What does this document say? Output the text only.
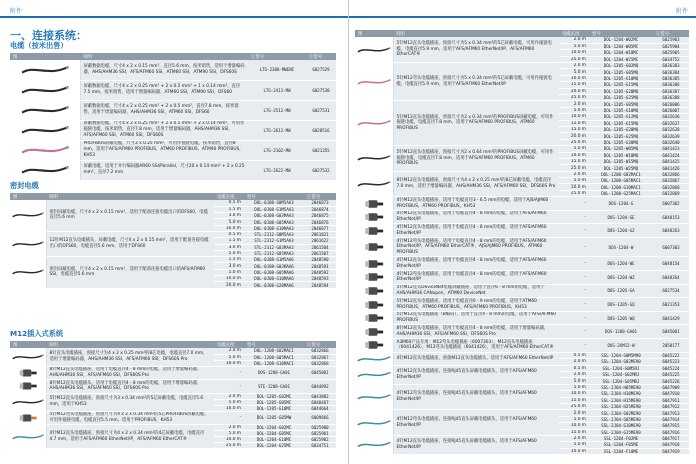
附件
一、连接系统：
电缆（按米出售）
图	说明	订货号	订货号

	屏蔽数据电缆，尺寸4 x 2 x 0.15 mm²，直径5.6 mm，按米销售，适用于增量编码器，AHS/AHM36 SSI，AFS/AFM60 SSI，ATM60 SSI，ATM90 SSI，DFS60S	LTG-2308-MWENC	6027529

	屏蔽数据电缆，尺寸4 x 2 x 0.25 mm² + 2 x 0.5 mm² + 1 x 0.14 mm²，直径7.5 mm，按米销售，适用于增量编码器，ATM60 SSI，ATM90 SSI，DFS60	LTG-2411-MW	6027530

	屏蔽数据电缆，尺寸4 x 2 x 0.25 mm² + 2 x 0.5 mm²，直径7.8 mm，按米销售，适用于增量编码器，AHS/AHM36 SSI，ATM60 SSI，DFS60	LTG-2512-MW	6027531

	屏蔽数据电缆，尺寸4 x 2 x 0.25 mm² + 2 x 0.5 mm² + 2 x 0.14 mm²，可用作拖链电缆，按米销售，直径7.8 mm，适用于增量编码器，AHS/AHM36 SSI，AFS/AFM60 SSI，ATM60 SSI，DFS60S	LTG-2612-MW	6028516

	PROFIBUS屏蔽电缆，尺寸2 x 0.25 mm²，可用作拖链电缆，按米销售，直径8 mm，适用于AFS/AFM60 PROFIBUS，ATM60 PROFIBUS，ATM90 PROFIBUS，KH53	LTG-2102-MW	6021355

	屏蔽电缆，适用于并行编码器AR60 SSI/Parallel，尺寸20 x 0.14 mm² + 2 x 0.25 mm²，直径7.2 mm	LTG-2622-MW	6027532
密封电缆
图	说明	电缆长度	型号	订货号

	密封屏蔽电缆，尺寸4 x 2 x 0.15 mm²，适用于配备连接电缆出口的DFS60，电缆直径5.6 mm	0.5 m	DOL-0J08-G0M5AA3	2046873
		1.5 m	DOL-0J08-G1M5AA3	2046874
		3.0 m	DOL-0J08-G03MAA3	2046875
		5.0 m	DOL-0J08-G05MAA3	2046876
		10.0 m	DOL-0J08-G10MAA3	2046877

	12针M12直头电缆插头，屏蔽电缆，尺寸4 x 2 x 0.15 mm²，适用于配备连接电缆出口的DFS60，电缆直径5.6 mm，适用于DFS60	0.5 m	STL-2312-G0M5AA3	2061821
		1.5 m	STL-2312-G1M5AA3	2061622
		3.0 m	STL-2312-G03MAA3	2061504
		5.0 m	STL-2312-G05MAA3	2061507

	密封屏蔽电缆，尺寸4 x 2 x 0.15 mm²，适用于配备连接电缆出口的AFS/AFM60 SSI，电缆直径5.6 mm	1.5 m	DOL-0J08-G1M5AA6	2048590
		3.0 m	DOL-0J08-G03MAA6	2048591
		5.0 m	DOL-0J08-G05MAA6	2048592
		10.0 m	DOL-0J08-G10MAA6	2048593
		20.0 m	DOL-0J08-G20MAA6	2048594
M12插入式系统
图	说明	电缆长度	型号	订货号

	8针直头电缆插座，预接尺寸为4 x 2 x 0.25 mm²的8芯电缆，电缆直径7.0 mm，适用于增量编码器，AHS/AHM36 SSI，AFS/AFM60 SSI，DFS60S Pro	2.0 m	DOL-1208-G02MAC1	6032866
		5.0 m	DOL-1208-G05MAC1	6032867
		10.0 m	DOL-1208-G10MAC1	6032868

	8针M12直头电缆插座，适用于电缆直径4 - 8 mm的电缆，适用于增量编码器，AHS/AHM36 SSI，AFS/AFM60 SSI，DFS60S Pro	-	DOS-1208-GA01	6045001

	8针M12直头电缆插头，适用于电缆直径4 - 8 mm的电缆，适用于增量编码器，AHS/AHM36 SSI，AFS/AFM60 SSI，DFS60S Pro	-	STE-1208-GA01	6044892

	5针M12直头电缆插座，预接尺寸为3 x 0.34 mm²的5芯屏蔽电缆，电缆直径5.6 mm，适用于KH53	2.0 m	DOL-1205-G02MC	6043882
		5.0 m	DOL-1205-G05MC	6040467
		10.0 m	DOL-1205-G10MC	6044664

	5针M12弯头电缆插座，预接尺寸为4 x 2 x 0.34 mm²的5芯PROFIBUS屏蔽电缆，可用作拖链电缆，电缆直径5.5 mm，适用于PROFIBUS，KH53	-	DOL-1205-G05MW	6009866

	4针M12直头电缆插座，预接尺寸为4 x 2 x 0.34 mm²的4芯屏蔽电缆，电缆直径4.7 mm，适用于AFS/AFM60 EtherNet/IP，AFS/AFM60 EtherCAT®	2.0 m	DOL-1204-G02MC	6025900
		5.0 m	DOL-1204-G05MC	6025901
		10.0 m	DOL-1204-G10MC	6025902
		25.0 m	DOL-1204-G25MC	6034751
附件
图	说明	电缆长度	型号	订货号

	5针M12直头电缆插座，预接尺寸为5 x 0.34 mm²的5芯屏蔽电缆，可用作拖链电缆，电缆直径5.9 mm，适用于AFS/AFM60 EtherNet/IP，AFS/AFM60 EtherCAT®	2.0 m	DOL-1204-W02MC	6025903
		5.0 m	DOL-1204-W05MC	6025904
		10.0 m	DOL-1204-W10MC	6025905
		25.0 m	DOL-1204-W25MC	6034752

	5针M12弯头电缆插座，预接尺寸为5 x 0.34 mm²的5芯屏蔽电缆，可用作拖链电缆，电缆直径5.9 mm，适用于AFS/AFM60 EtherNet/IP	2.0 m	DOL-1205-G02MQ	6036383
		5.0 m	DOL-1205-G05MQ	6036384
		10.0 m	DOL-1205-G10MQ	6036385
		15.0 m	DOL-1205-G15MQ	6036386
		20.0 m	DOL-1205-G20MQ	6036387
		25.0 m	DOL-1205-G25MQ	6036388

	5针M12直头电缆插座，预接尺寸为2 x 0.34 mm²的PROFIBUS屏蔽电缆，可用作拖链电缆，电缆直径7.8 mm，适用于AFS/AFM60 PROFIBUS，ATM60 PROFIBUS	2.0 m	DOL-1205-G05MQ	6026006
		5.0 m	DOL-1205-G10MQ	6026007
		10.0 m	DOL-1205-G12MQ	6032636
		12.0 m	DOL-1205-G15MQ	6032637
		15.0 m	DOL-1205-G20MQ	6032638
		20.0 m	DOL-1205-G25MQ	6032639
		25.0 m	DOL-1205-G30MQ	6032640

	5针M12直头电缆插座，预接尺寸为2 x 0.64 mm²的PROFIBUS屏蔽电缆，可用作拖链电缆，电缆直径7.8 mm，适用于AFS/AFM60 PROFIBUS，ATM60 PROFIBUS	5.0 m	DOL-1205-W05MQ	6041423
		10.0 m	DOL-1205-W10MQ	6041424
		15.0 m	DOL-1205-W15MQ	6041425
		25.0 m	DOL-1205-W25MQ	6041426

	8针M12直头电缆插座，预接尺寸为4 x 2 x 0.25 mm²的8芯屏蔽电缆，电缆直径7.0 mm，适用于增量编码器，AHS/AHM36 SSI，AFS/AFM60 SSI，DFS60S Pro	2.0 m	DOL-1208-G02MAC1	6032866
		5.0 m	DOL-1208-G05MAC1	6032867
		10.0 m	DOL-1208-G10MAC1	6032868
		25.0 m	DOL-1208-G25MAC1	6032869

	4针M12直头电缆插座，适用于电缆直径3 - 6.5 mm的电缆，适用于AJS/AJM60 PROFIBUS，ATM60 PROFIBUS，KH53	-	DOS-1204-G	6007302

	4针M12直头电缆插座，适用于电缆直径4 - 8 mm的电缆，适用于AFS/AFM60 EtherNet/IP	-	DOS-1204-GE	6048153

	4针M12直头电缆插座，适用于电缆直径4 - 8 mm的电缆，适用于AFS/AFM60 EtherNet/IP	-	DOS-1204-GZ	6048263

	4针M12弯头电缆插座，适用于电缆直径4 - 8 mm的电缆，适用于AFS/AFM60 EtherNet/IP，AFS/AFM60 EtherCAT®，AJS/AJM60 PROFIBUS，ATM60 PROFIBUS	-	DOS-1204-W	6007303

	4针M12直头电缆插座，适用于电缆直径4 - 8 mm的电缆，适用于AFS/AFM60 EtherNet/IP	-	DOS-1204-WE	6048154

	4针M12弯头电缆插座，适用于电缆直径4 - 8 mm的电缆，适用于AFS/AFM60 EtherNet/IP	-	DOS-1204-WZ	6048264

	5针M12直头DeviceNet电缆屏蔽插座，适用于直径6 - 8 mm的电缆，适用于AHS/AHM36 CANopen，ATM60 DeviceNet	-	DOS-1205-GA	6027534

	5针M12直头电缆插座，适用于电缆直径6 - 9 mm的电缆，适用于ATM60 PROFIBUS，ATM60 PROFIBUS，AFS/AFM60 PROFIBUS，KH53	-	DOS-1205-GQ	6021353

	5针M12直头电缆插座（B编码），适用于直径4 - 8 mm的电缆，适用于AFS/AFM60 PROFIBUS	-	DOS-1205-WQ	6041429

	8针M12直头电缆插座，适用于电缆直径4 - 8 mm的电缆，适用于增量编码器，AHS/AHM36 SSI，AFS/AFM60 SSI，DFS60S Pro	-	DOS-1208-GA01	6045001

	A3M60产品专用：M12弯头电缆插座（6007303），M12直头电缆插座（6041426），M12弯头电缆插座（6041426），适用于AFS/AFM60 EtherCAT®	-	DOS-3XM12-W	2058177

	4针M12直头电缆插座，预接M12直头电缆插头，适用于AFS/AFM60 EtherNet/IP	0.5 m	SSL-1204-G0M5M90	6045222
		2.0 m	SSL-1204-G02ME90	6045223

	4针M12直头电缆插座，连接RJ45直头屏蔽电缆插头，适用于AFS/AFM60 EtherNet/IP	0.5 m	SSL-1204-G0M5RJ	6045224
		2.0 m	SSL-1204-G02MRJ	6045225
		5.0 m	SSL-1204-G05MRJ	6045226

	4针M12弯头电缆插座，连接RJ45直头屏蔽电缆插头，适用于AFS/AFM60 EtherNet/IP	5.0 m	SSL-2J04-H05ME90	6047909
		10.0 m	SSL-2J04-H10ME90	6047910
		15.0 m	SSL-2J04-H15ME90	6047911
		25.0 m	SSL-2J04-H25ME90	6047912

	4针M12弯头电缆插座，连接RJ45直头屏蔽电缆插头，适用于AFS/AFM60 EtherNet/IP	2.0 m	SSL-2J04-G02ME90	6047913
		5.0 m	SSL-2J04-G05ME90	6047914
		10.0 m	SSL-2J04-G10ME90	6047915
		15.0 m	SSL-2J04-G15ME90	6047916

	4针M12直头电缆插座，连接RJ45直头屏蔽电缆插头，适用于AFS/AFM60 EtherNet/IP	2.0 m	SSL-1204-F02ME	6047917
		5.0 m	SSL-1204-F05ME	6047918
		10.0 m	SSL-1204-F10ME	6047919
